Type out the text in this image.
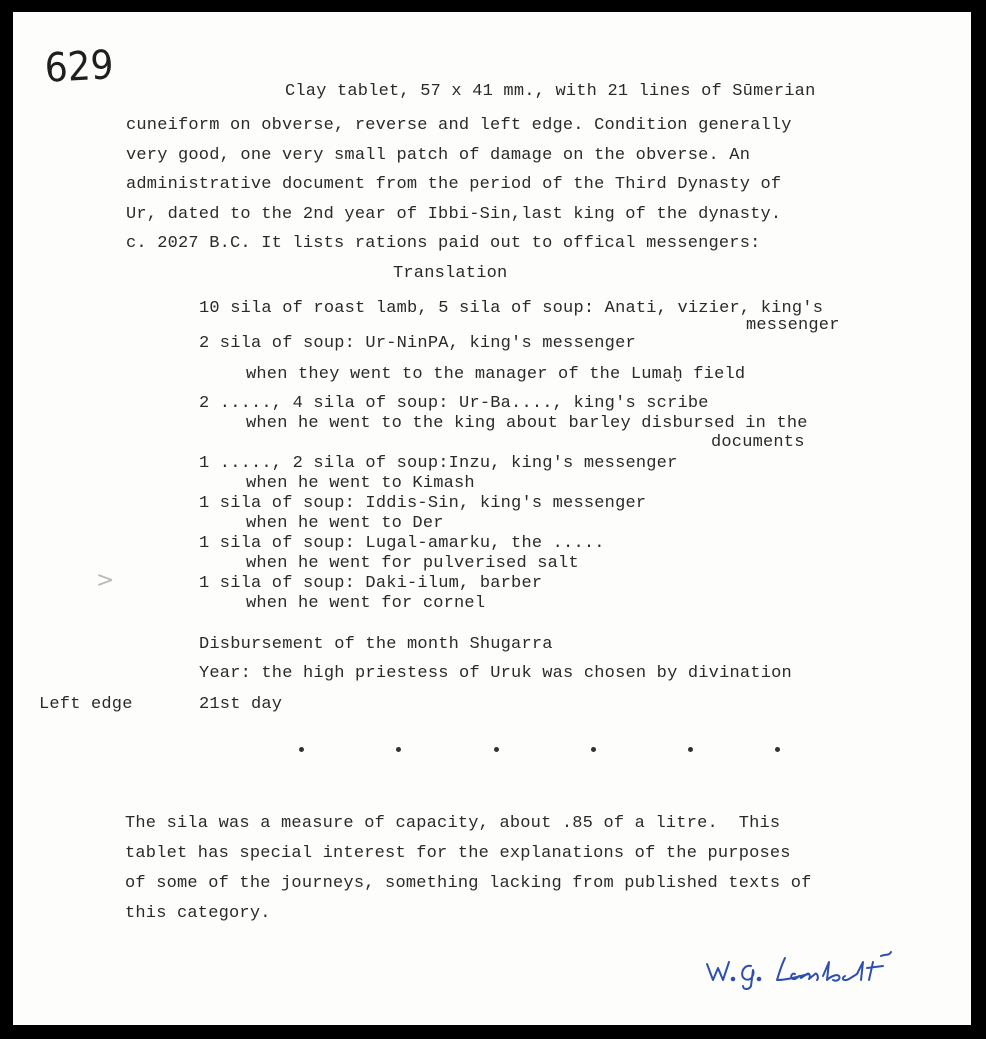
629	Clay tablet, 57 x 41 mm., with 21 lines of Sūmerian
cuneiform on obverse, reverse and left edge. Condition generally
very good, one very small patch of damage on the obverse. An
administrative document from the period of the Third Dynasty of
Ur, dated to the 2nd year of Ibbi-Sin,last king of the dynasty.
c. 2027 B.C. It lists rations paid out to offical messengers:
Translation
10 sila of roast lamb, 5 sila of soup: Anati, vizier, king's
messenger
2 sila of soup: Ur-NinPA, king's messenger
when they went to the manager of the Lumaḫ field
2 ....., 4 sila of soup: Ur-Ba...., king's scribe
when he went to the king about barley disbursed in the
documents
1 ....., 2 sila of soup:Inzu, king's messenger
when he went to Kimash
1 sila of soup: Iddis-Sin, king's messenger
when he went to Der
1 sila of soup: Lugal-amarku, the .....
when he went for pulverised salt
1 sila of soup: Daki-ilum, barber
when he went for cornel
>
Disbursement of the month Shugarra
Year: the high priestess of Uruk was chosen by divination
Left edge	21st day
The sila was a measure of capacity, about .85 of a litre.  This
tablet has special interest for the explanations of the purposes
of some of the journeys, something lacking from published texts of
this category.
